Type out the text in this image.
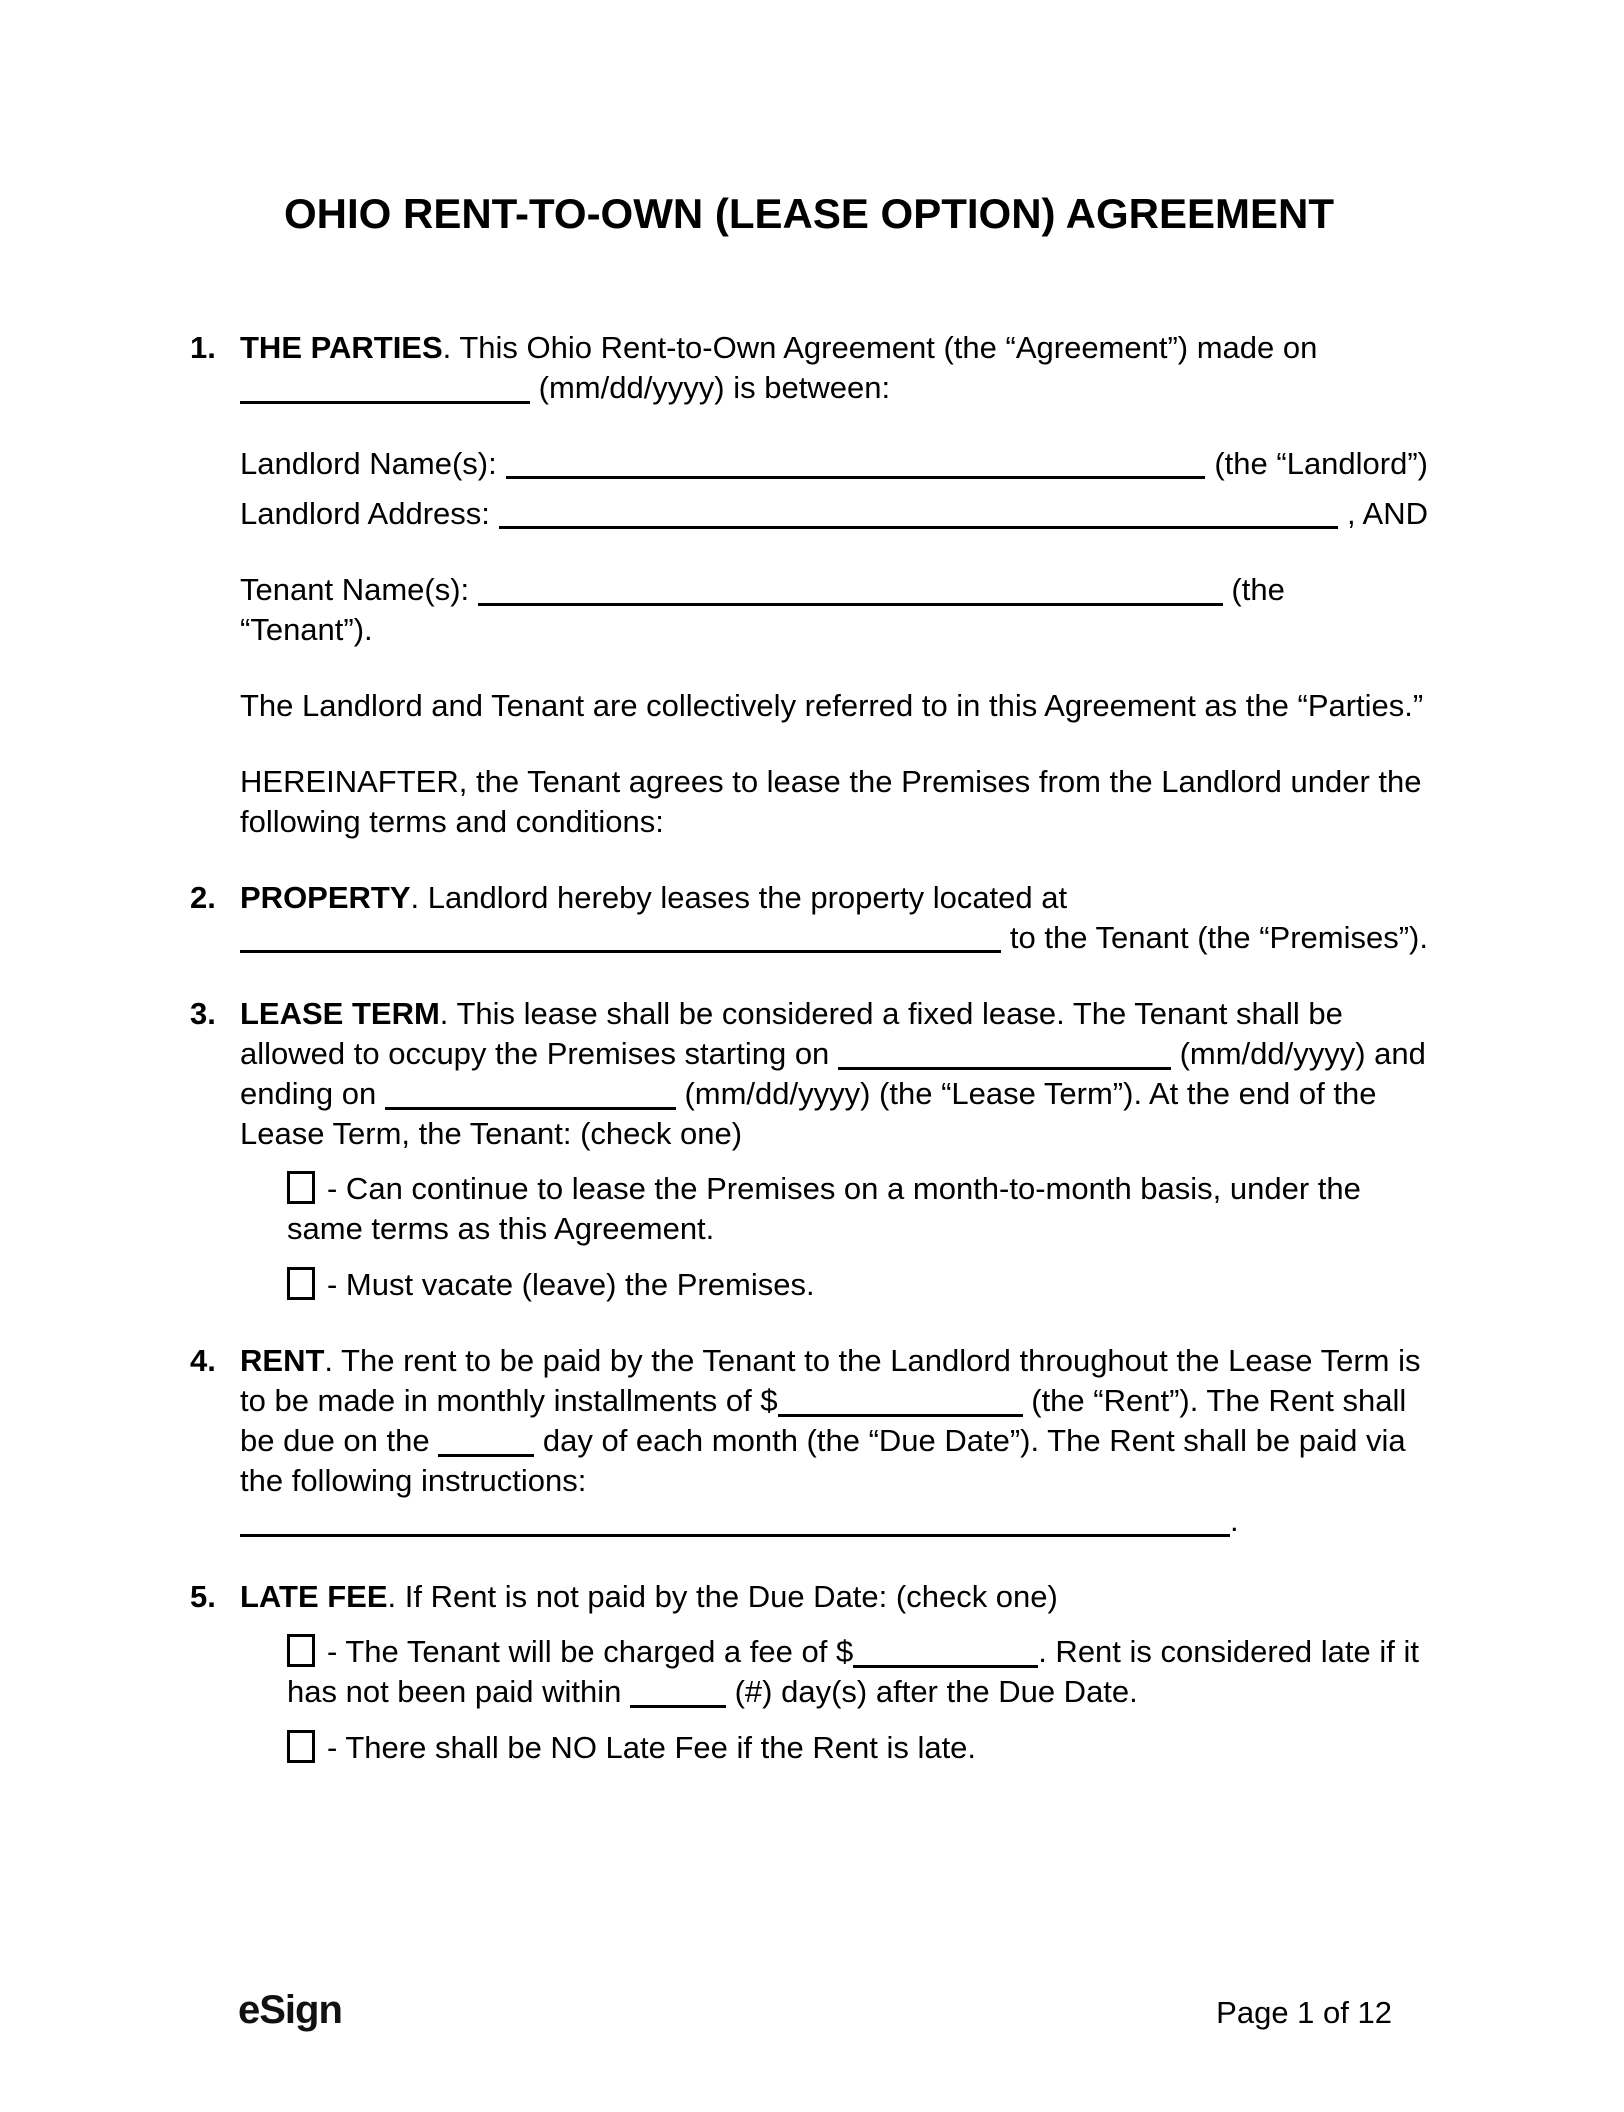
OHIO RENT-TO-OWN (LEASE OPTION) AGREEMENT
1. THE PARTIES. This Ohio Rent-to-Own Agreement (the “Agreement”) made on  (mm/dd/yyyy) is between:

Landlord Name(s):	(the “Landlord”)

Landlord Address:	, AND

Tenant Name(s):	(the

“Tenant”).

The Landlord and Tenant are collectively referred to in this Agreement as the “Parties.”

HEREINAFTER, the Tenant agrees to lease the Premises from the Landlord under the following terms and conditions:

2. PROPERTY. Landlord hereby leases the property located at

to the Tenant (the “Premises”).

3. LEASE TERM. This lease shall be considered a fixed lease. The Tenant shall be allowed to occupy the Premises starting on	(mm/dd/yyyy) and ending on	(mm/dd/yyyy) (the “Lease Term”). At the end of the Lease Term, the Tenant: (check one)

- Can continue to lease the Premises on a month-to-month basis, under the same terms as this Agreement.

- Must vacate (leave) the Premises.

4. RENT. The rent to be paid by the Tenant to the Landlord throughout the Lease Term is to be made in monthly installments of $	(the “Rent”). The Rent shall be due on the	day of each month (the “Due Date”). The Rent shall be paid via the following instructions: .

5. LATE FEE. If Rent is not paid by the Due Date: (check one)

- The Tenant will be charged a fee of $	. Rent is considered late if it has not been paid within	(#) day(s) after the Due Date.

- There shall be NO Late Fee if the Rent is late.

eSign	Page 1 of 12
